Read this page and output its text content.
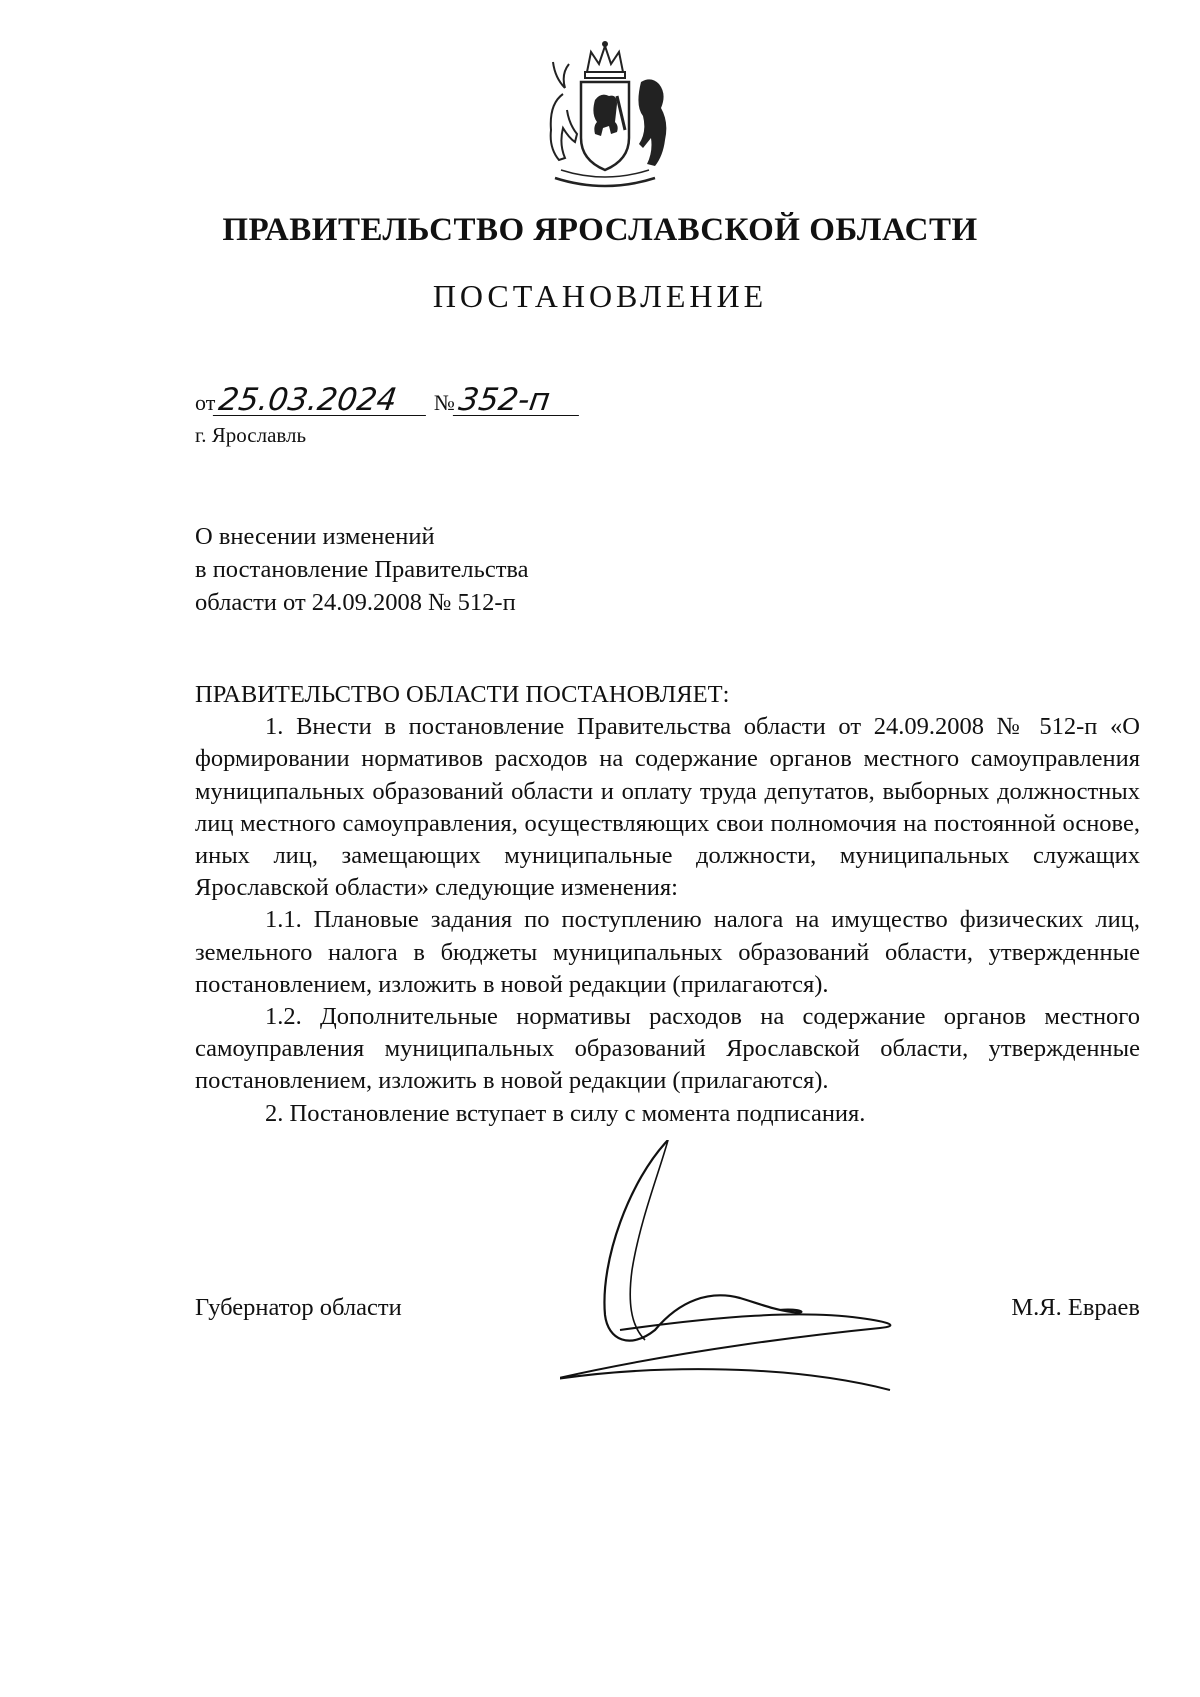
ПРАВИТЕЛЬСТВО ЯРОСЛАВСКОЙ ОБЛАСТИ
ПОСТАНОВЛЕНИЕ
от25.03.2024 №352-п
г. Ярославль
О внесении изменений
в постановление Правительства
области от 24.09.2008 № 512-п

ПРАВИТЕЛЬСТВО ОБЛАСТИ ПОСТАНОВЛЯЕТ:

1. Внести в постановление Правительства области от 24.09.2008 № 512-п «О формировании нормативов расходов на содержание органов местного самоуправления муниципальных образований области и оплату труда депутатов, выборных должностных лиц местного самоуправления, осуществляющих свои полномочия на постоянной основе, иных лиц, замещающих муниципальные должности, муниципальных служащих Ярославской области» следующие изменения:

1.1. Плановые задания по поступлению налога на имущество физических лиц, земельного налога в бюджеты муниципальных образований области, утвержденные постановлением, изложить в новой редакции (прилагаются).

1.2. Дополнительные нормативы расходов на содержание органов местного самоуправления муниципальных образований Ярославской области, утвержденные постановлением, изложить в новой редакции (прилагаются).

2. Постановление вступает в силу с момента подписания.

Губернатор области	М.Я. Евраев
